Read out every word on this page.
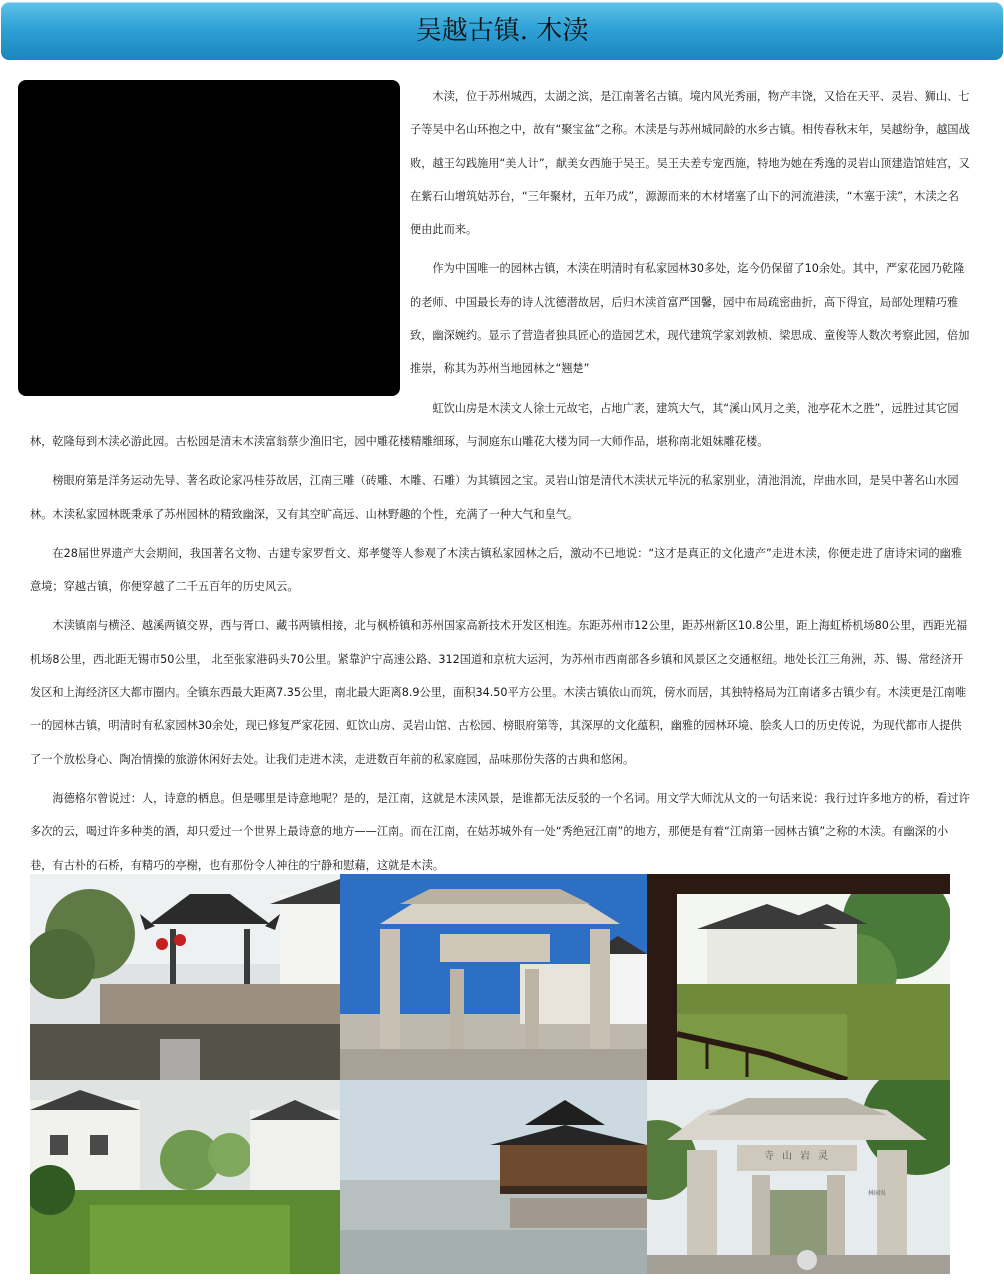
吴越古镇. 木渎

木渎，位于苏州城西，太湖之滨，是江南著名古镇。境内风光秀丽，物产丰饶，又恰在天平、灵岩、狮山、七子等吴中名山环抱之中，故有“聚宝盆”之称。木渎是与苏州城同龄的水乡古镇。相传春秋末年，吴越纷争，越国战败，越王勾践施用“美人计”，献美女西施于吴王。吴王夫差专宠西施，特地为她在秀逸的灵岩山顶建造馆娃宫，又在紫石山增筑姑苏台，“三年聚材，五年乃成”，源源而来的木材堵塞了山下的河流港渎，“木塞于渎”，木渎之名便由此而来。

作为中国唯一的园林古镇，木渎在明清时有私家园林30多处，迄今仍保留了10余处。其中，严家花园乃乾隆的老师、中国最长寿的诗人沈德潜故居，后归木渎首富严国馨，园中布局疏密曲折，高下得宜，局部处理精巧雅致，幽深婉约。显示了营造者独具匠心的造园艺术，现代建筑学家刘敦桢、梁思成、童俊等人数次考察此园，倍加推崇，称其为苏州当地园林之“翘楚”

虹饮山房是木渎文人徐士元故宅，占地广袤，建筑大气，其“溪山风月之美，池亭花木之胜”，远胜过其它园林，乾隆每到木渎必游此园。古松园是清末木渎富翁蔡少渔旧宅，园中雕花楼精雕细琢，与洞庭东山雕花大楼为同一大师作品，堪称南北姐妹雕花楼。

榜眼府第是洋务运动先导、著名政论家冯桂芬故居，江南三雕（砖雕、木雕、石雕）为其镇园之宝。灵岩山馆是清代木渎状元毕沅的私家别业，清池涓流，岸曲水回，是吴中著名山水园林。木渎私家园林既秉承了苏州园林的精致幽深，又有其空旷高远、山林野趣的个性，充满了一种大气和皇气。

在28届世界遗产大会期间，我国著名文物、古建专家罗哲文、郑孝燮等人参观了木渎古镇私家园林之后，激动不已地说：“这才是真正的文化遗产”走进木渎，你便走进了唐诗宋词的幽雅意境；穿越古镇，你便穿越了二千五百年的历史风云。

木渎镇南与横泾、越溪两镇交界，西与胥口、藏书两镇相接，北与枫桥镇和苏州国家高新技术开发区相连。东距苏州市12公里，距苏州新区10.8公里，距上海虹桥机场80公里，西距光福机场8公里，西北距无锡市50公里， 北至张家港码头70公里。紧靠沪宁高速公路、312国道和京杭大运河，为苏州市西南部各乡镇和风景区之交通枢纽。地处长江三角洲，苏、锡、常经济开发区和上海经济区大都市圈内。全镇东西最大距离7.35公里，南北最大距离8.9公里，面积34.50平方公里。木渎古镇依山而筑，傍水而居，其独特格局为江南诸多古镇少有。木渎更是江南唯一的园林古镇，明清时有私家园林30余处，现已修复严家花园、虹饮山房、灵岩山馆、古松园、榜眼府第等，其深厚的文化蕴积，幽雅的园林环境、脍炙人口的历史传说，为现代都市人提供了一个放松身心、陶冶情操的旅游休闲好去处。让我们走进木渎，走进数百年前的私家庭园，品味那份失落的古典和悠闲。

海德格尔曾说过：人，诗意的栖息。但是哪里是诗意地呢？是的，是江南，这就是木渎风景，是谁都无法反驳的一个名词。用文学大师沈从文的一句话来说：我行过许多地方的桥，看过许多次的云，喝过许多种类的酒，却只爱过一个世界上最诗意的地方——江南。而在江南，在姑苏城外有一处“秀绝冠江南”的地方，那便是有着“江南第一园林古镇”之称的木渎。有幽深的小巷，有古朴的石桥，有精巧的亭榭，也有那份令人神往的宁静和慰藉，这就是木渎。

寺山岩灵
林园吳
